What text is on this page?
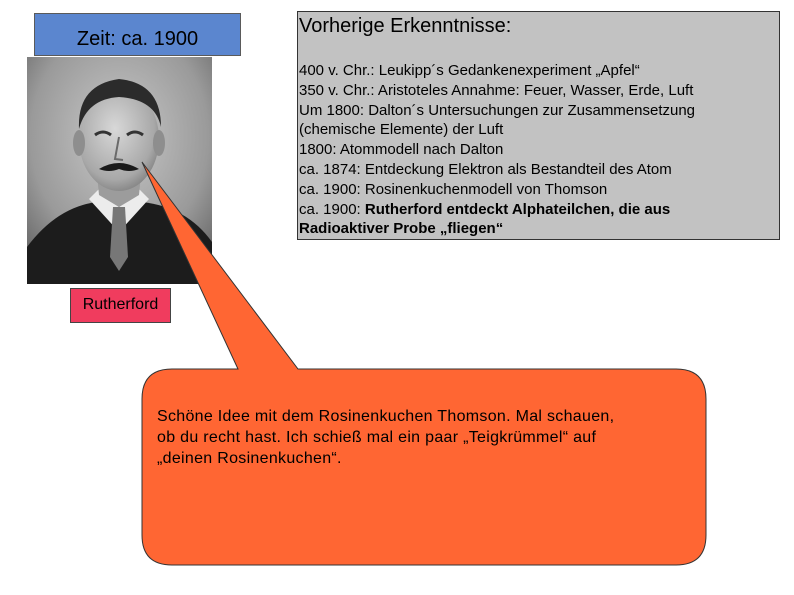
Zeit: ca. 1900
Vorherige Erkenntnisse:
400 v. Chr.: Leukipp´s Gedankenexperiment „Apfel“
350 v. Chr.: Aristoteles Annahme: Feuer, Wasser, Erde, Luft
Um 1800: Dalton´s Untersuchungen zur Zusammensetzung
(chemische Elemente) der Luft
1800: Atommodell nach Dalton
ca. 1874: Entdeckung Elektron als Bestandteil des Atom
ca. 1900: Rosinenkuchenmodell von Thomson
ca. 1900: Rutherford entdeckt Alphateilchen, die aus
Radioaktiver Probe „fliegen“
Schöne Idee mit dem Rosinenkuchen Thomson. Mal schauen,
ob du recht hast. Ich schieß mal ein paar „Teigkrümmel“ auf
„deinen Rosinenkuchen“.
Rutherford
